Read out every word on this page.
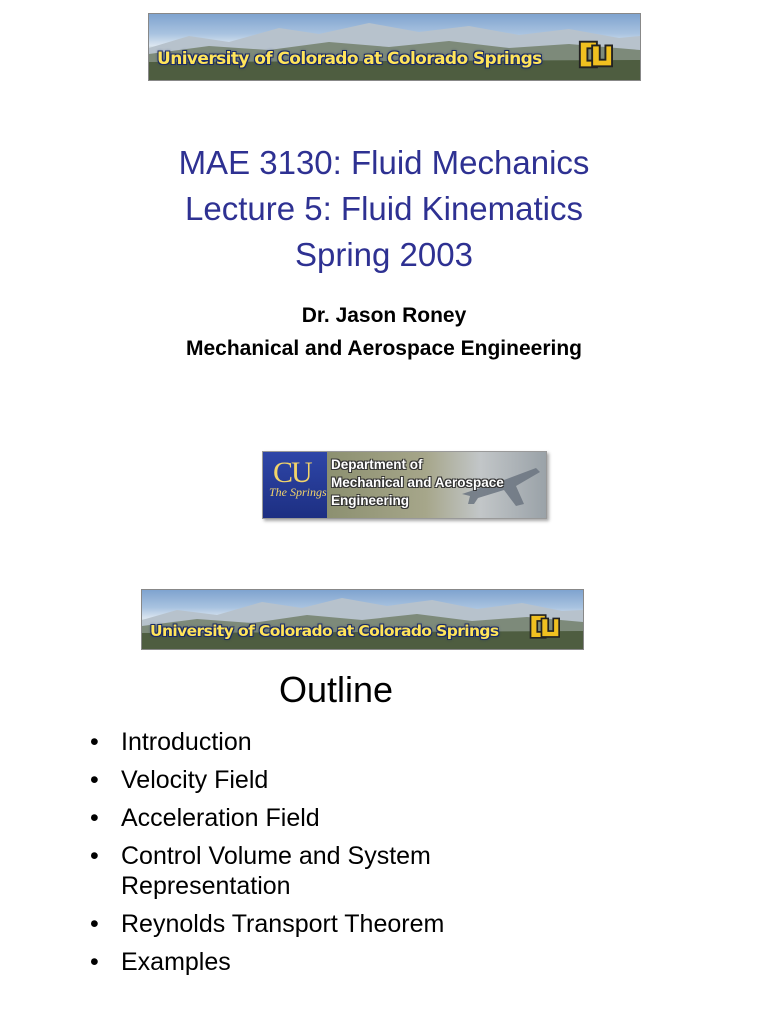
University of Colorado at Colorado Springs
MAE 3130: Fluid Mechanics
Lecture 5: Fluid Kinematics
Spring 2003
Dr. Jason Roney
Mechanical and Aerospace Engineering
CU
The Springs
Department of
Mechanical and Aerospace
Engineering
University of Colorado at Colorado Springs
Outline
• Introduction
• Velocity Field
• Acceleration Field
• Control Volume and System Representation
• Reynolds Transport Theorem
• Examples
